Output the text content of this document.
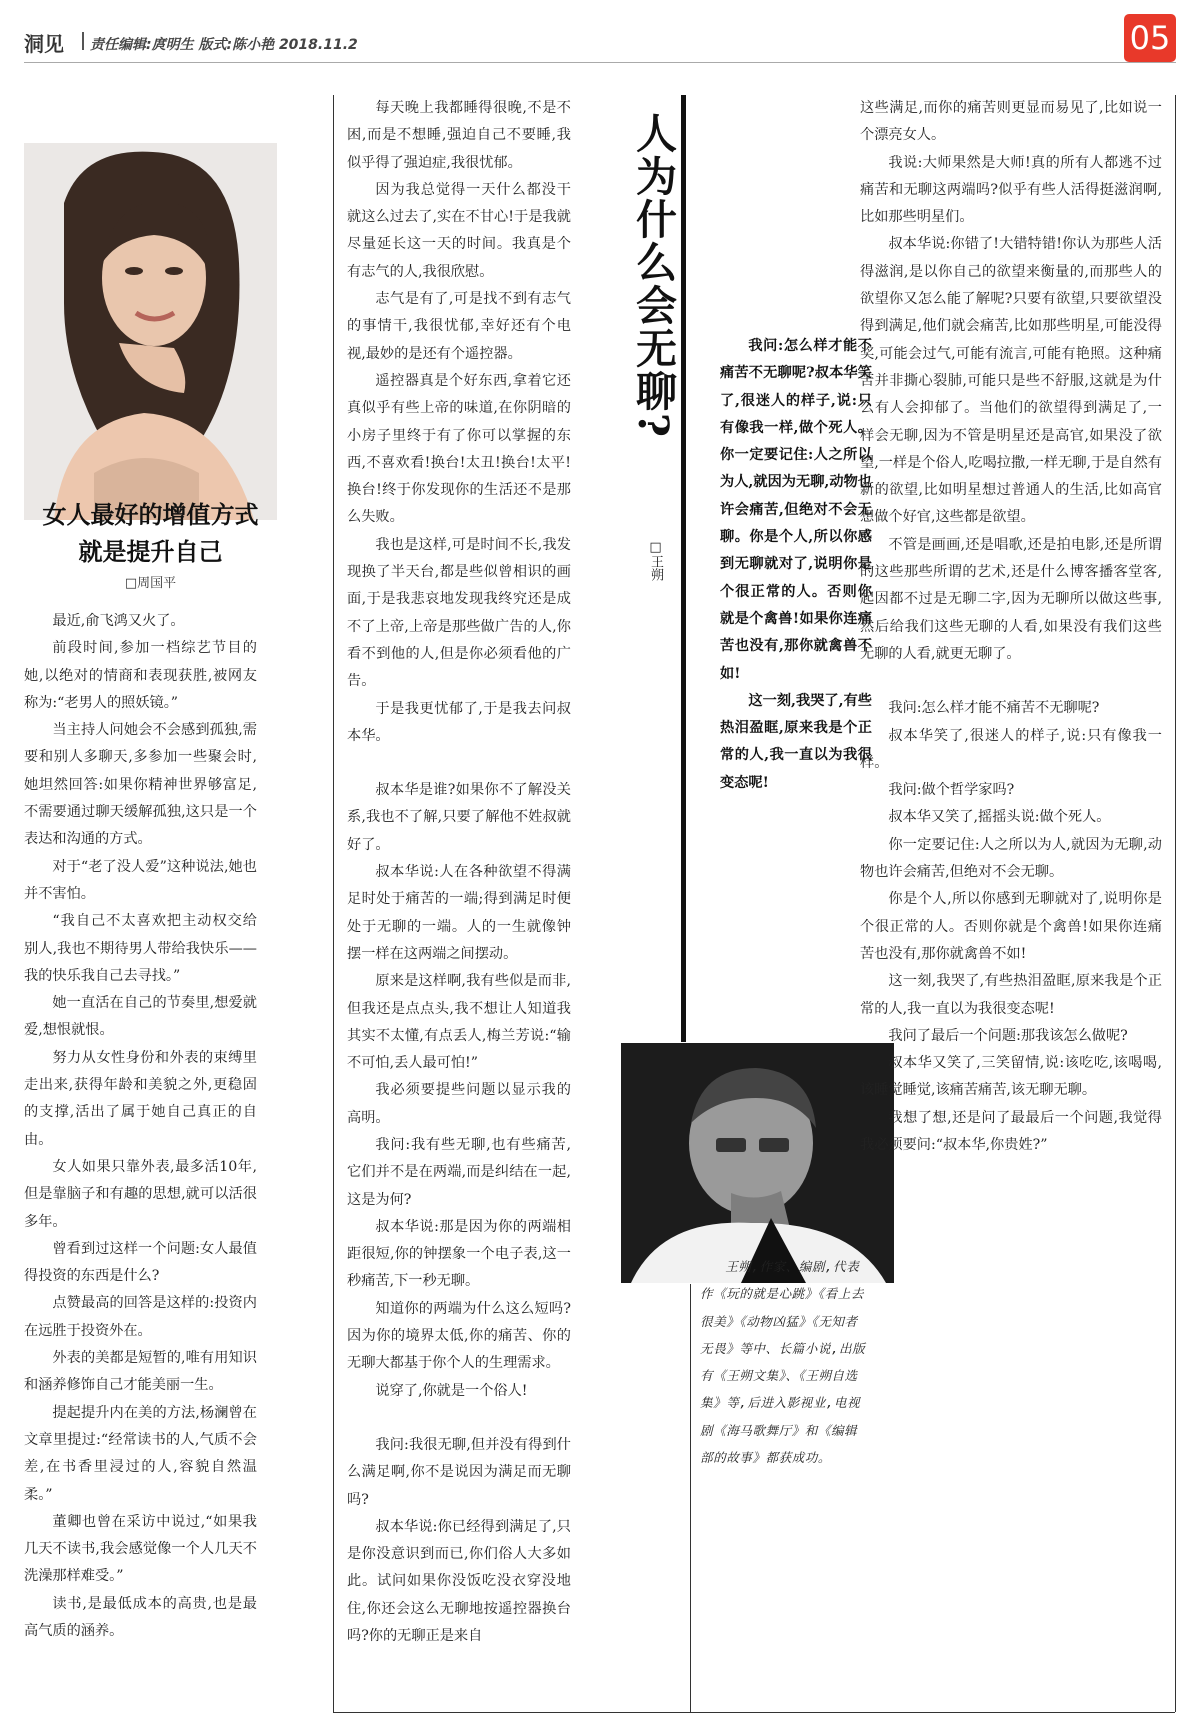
洞见 责任编辑:庹明生 版式:陈小艳 2018.11.2	05
女人最好的增值方式
就是提升自己
□周国平

最近,俞飞鸿又火了。

前段时间,参加一档综艺节目的她,以绝对的情商和表现获胜,被网友称为:“老男人的照妖镜。”

当主持人问她会不会感到孤独,需要和别人多聊天,多参加一些聚会时,她坦然回答:如果你精神世界够富足,不需要通过聊天缓解孤独,这只是一个表达和沟通的方式。

对于“老了没人爱”这种说法,她也并不害怕。

“我自己不太喜欢把主动权交给别人,我也不期待男人带给我快乐——我的快乐我自己去寻找。”

她一直活在自己的节奏里,想爱就爱,想恨就恨。

努力从女性身份和外表的束缚里走出来,获得年龄和美貌之外,更稳固的支撑,活出了属于她自己真正的自由。

女人如果只靠外表,最多活10年,但是靠脑子和有趣的思想,就可以活很多年。

曾看到过这样一个问题:女人最值得投资的东西是什么?

点赞最高的回答是这样的:投资内在远胜于投资外在。

外表的美都是短暂的,唯有用知识和涵养修饰自己才能美丽一生。

提起提升内在美的方法,杨澜曾在文章里提过:“经常读书的人,气质不会差,在书香里浸过的人,容貌自然温柔。”

董卿也曾在采访中说过,“如果我几天不读书,我会感觉像一个人几天不洗澡那样难受。”

读书,是最低成本的高贵,也是最高气质的涵养。

每天晚上我都睡得很晚,不是不困,而是不想睡,强迫自己不要睡,我似乎得了强迫症,我很忧郁。

因为我总觉得一天什么都没干就这么过去了,实在不甘心!于是我就尽量延长这一天的时间。我真是个有志气的人,我很欣慰。

志气是有了,可是找不到有志气的事情干,我很忧郁,幸好还有个电视,最妙的是还有个遥控器。

遥控器真是个好东西,拿着它还真似乎有些上帝的味道,在你阴暗的小房子里终于有了你可以掌握的东西,不喜欢看!换台!太丑!换台!太平!换台!终于你发现你的生活还不是那么失败。

我也是这样,可是时间不长,我发现换了半天台,都是些似曾相识的画面,于是我悲哀地发现我终究还是成不了上帝,上帝是那些做广告的人,你看不到他的人,但是你必须看他的广告。

于是我更忧郁了,于是我去问叔本华。

叔本华是谁?如果你不了解没关系,我也不了解,只要了解他不姓叔就好了。

叔本华说:人在各种欲望不得满足时处于痛苦的一端;得到满足时便处于无聊的一端。人的一生就像钟摆一样在这两端之间摆动。

原来是这样啊,我有些似是而非,但我还是点点头,我不想让人知道我其实不太懂,有点丢人,梅兰芳说:“输不可怕,丢人最可怕!”

我必须要提些问题以显示我的高明。

我问:我有些无聊,也有些痛苦,它们并不是在两端,而是纠结在一起,这是为何?

叔本华说:那是因为你的两端相距很短,你的钟摆象一个电子表,这一秒痛苦,下一秒无聊。

知道你的两端为什么这么短吗?因为你的境界太低,你的痛苦、你的无聊大都基于你个人的生理需求。

说穿了,你就是一个俗人!

我问:我很无聊,但并没有得到什么满足啊,你不是说因为满足而无聊吗?

叔本华说:你已经得到满足了,只是你没意识到而已,你们俗人大多如此。试问如果你没饭吃没衣穿没地住,你还会这么无聊地按遥控器换台吗?你的无聊正是来自

人为什么会无聊?
□王朔

我问:怎么样才能不痛苦不无聊呢?叔本华笑了,很迷人的样子,说:只有像我一样,做个死人。你一定要记住:人之所以为人,就因为无聊,动物也许会痛苦,但绝对不会无聊。你是个人,所以你感到无聊就对了,说明你是个很正常的人。否则你就是个禽兽!如果你连痛苦也没有,那你就禽兽不如!

这一刻,我哭了,有些热泪盈眶,原来我是个正常的人,我一直以为我很变态呢!

王朔,作家、编剧,代表作《玩的就是心跳》《看上去很美》《动物凶猛》《无知者无畏》等中、长篇小说,出版有《王朔文集》、《王朔自选集》等,后进入影视业,电视剧《海马歌舞厅》和《编辑部的故事》都获成功。

这些满足,而你的痛苦则更显而易见了,比如说一个漂亮女人。

我说:大师果然是大师!真的所有人都逃不过痛苦和无聊这两端吗?似乎有些人活得挺滋润啊,比如那些明星们。

叔本华说:你错了!大错特错!你认为那些人活得滋润,是以你自己的欲望来衡量的,而那些人的欲望你又怎么能了解呢?只要有欲望,只要欲望没得到满足,他们就会痛苦,比如那些明星,可能没得奖,可能会过气,可能有流言,可能有艳照。这种痛苦并非撕心裂肺,可能只是些不舒服,这就是为什么有人会抑郁了。当他们的欲望得到满足了,一样会无聊,因为不管是明星还是高官,如果没了欲望,一样是个俗人,吃喝拉撒,一样无聊,于是自然有新的欲望,比如明星想过普通人的生活,比如高官想做个好官,这些都是欲望。

不管是画画,还是唱歌,还是拍电影,还是所谓的这些那些所谓的艺术,还是什么博客播客堂客,起因都不过是无聊二字,因为无聊所以做这些事,然后给我们这些无聊的人看,如果没有我们这些无聊的人看,就更无聊了。

我问:怎么样才能不痛苦不无聊呢?

叔本华笑了,很迷人的样子,说:只有像我一样。

我问:做个哲学家吗?

叔本华又笑了,摇摇头说:做个死人。

你一定要记住:人之所以为人,就因为无聊,动物也许会痛苦,但绝对不会无聊。

你是个人,所以你感到无聊就对了,说明你是个很正常的人。否则你就是个禽兽!如果你连痛苦也没有,那你就禽兽不如!

这一刻,我哭了,有些热泪盈眶,原来我是个正常的人,我一直以为我很变态呢!

我问了最后一个问题:那我该怎么做呢?

叔本华又笑了,三笑留情,说:该吃吃,该喝喝,该睡觉睡觉,该痛苦痛苦,该无聊无聊。

我想了想,还是问了最最后一个问题,我觉得我必须要问:“叔本华,你贵姓?”
